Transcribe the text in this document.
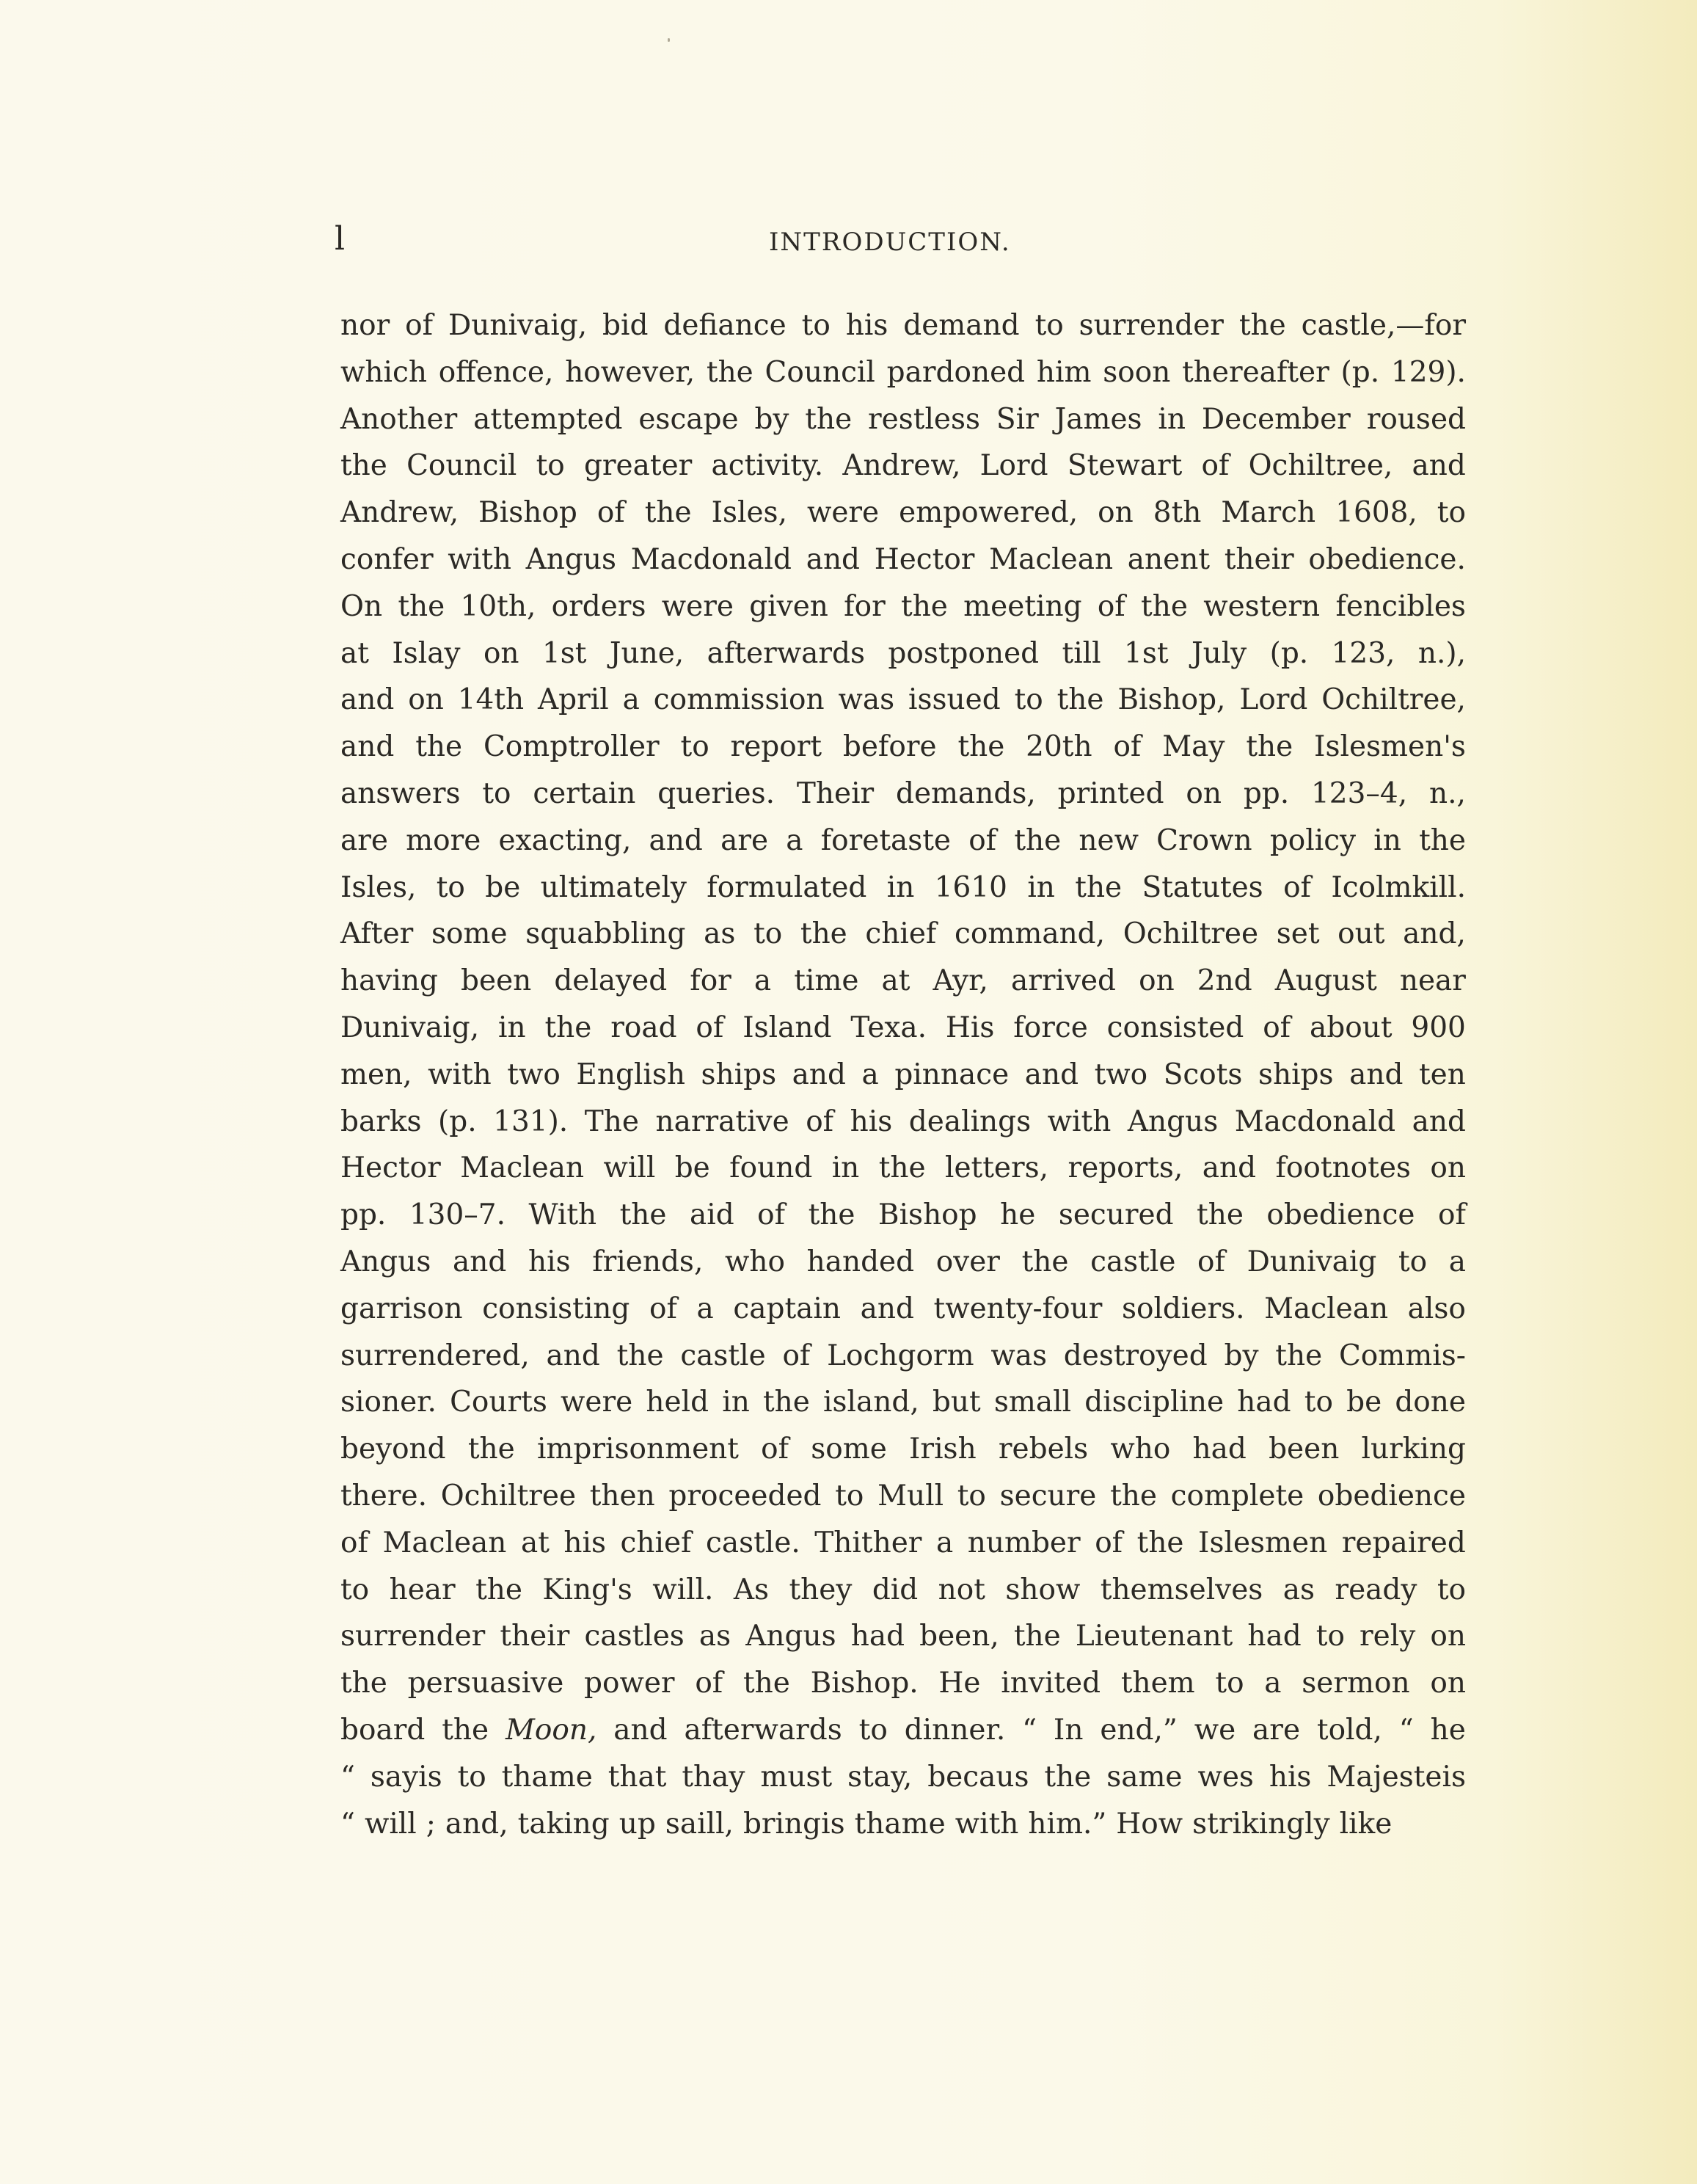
l	INTRODUCTION.
nor of Dunivaig, bid defiance to his demand to surrender the castle,—for
which offence, however, the Council pardoned him soon thereafter (p. 129).
Another attempted escape by the restless Sir James in December roused
the Council to greater activity. Andrew, Lord Stewart of Ochiltree, and
Andrew, Bishop of the Isles, were empowered, on 8th March 1608, to
confer with Angus Macdonald and Hector Maclean anent their obedience.
On the 10th, orders were given for the meeting of the western fencibles
at Islay on 1st June, afterwards postponed till 1st July (p. 123, n.),
and on 14th April a commission was issued to the Bishop, Lord Ochiltree,
and the Comptroller to report before the 20th of May the Islesmen's
answers to certain queries. Their demands, printed on pp. 123–4, n.,
are more exacting, and are a foretaste of the new Crown policy in the
Isles, to be ultimately formulated in 1610 in the Statutes of Icolmkill.
After some squabbling as to the chief command, Ochiltree set out and,
having been delayed for a time at Ayr, arrived on 2nd August near
Dunivaig, in the road of Island Texa. His force consisted of about 900
men, with two English ships and a pinnace and two Scots ships and ten
barks (p. 131). The narrative of his dealings with Angus Macdonald and
Hector Maclean will be found in the letters, reports, and footnotes on
pp. 130–7. With the aid of the Bishop he secured the obedience of
Angus and his friends, who handed over the castle of Dunivaig to a
garrison consisting of a captain and twenty-four soldiers. Maclean also
surrendered, and the castle of Lochgorm was destroyed by the Commis-
sioner. Courts were held in the island, but small discipline had to be done
beyond the imprisonment of some Irish rebels who had been lurking
there. Ochiltree then proceeded to Mull to secure the complete obedience
of Maclean at his chief castle. Thither a number of the Islesmen repaired
to hear the King's will. As they did not show themselves as ready to
surrender their castles as Angus had been, the Lieutenant had to rely on
the persuasive power of the Bishop. He invited them to a sermon on
board the Moon, and afterwards to dinner. “ In end,” we are told, “ he
“ sayis to thame that thay must stay, becaus the same wes his Majesteis
“ will ; and, taking up saill, bringis thame with him.” How strikingly like
